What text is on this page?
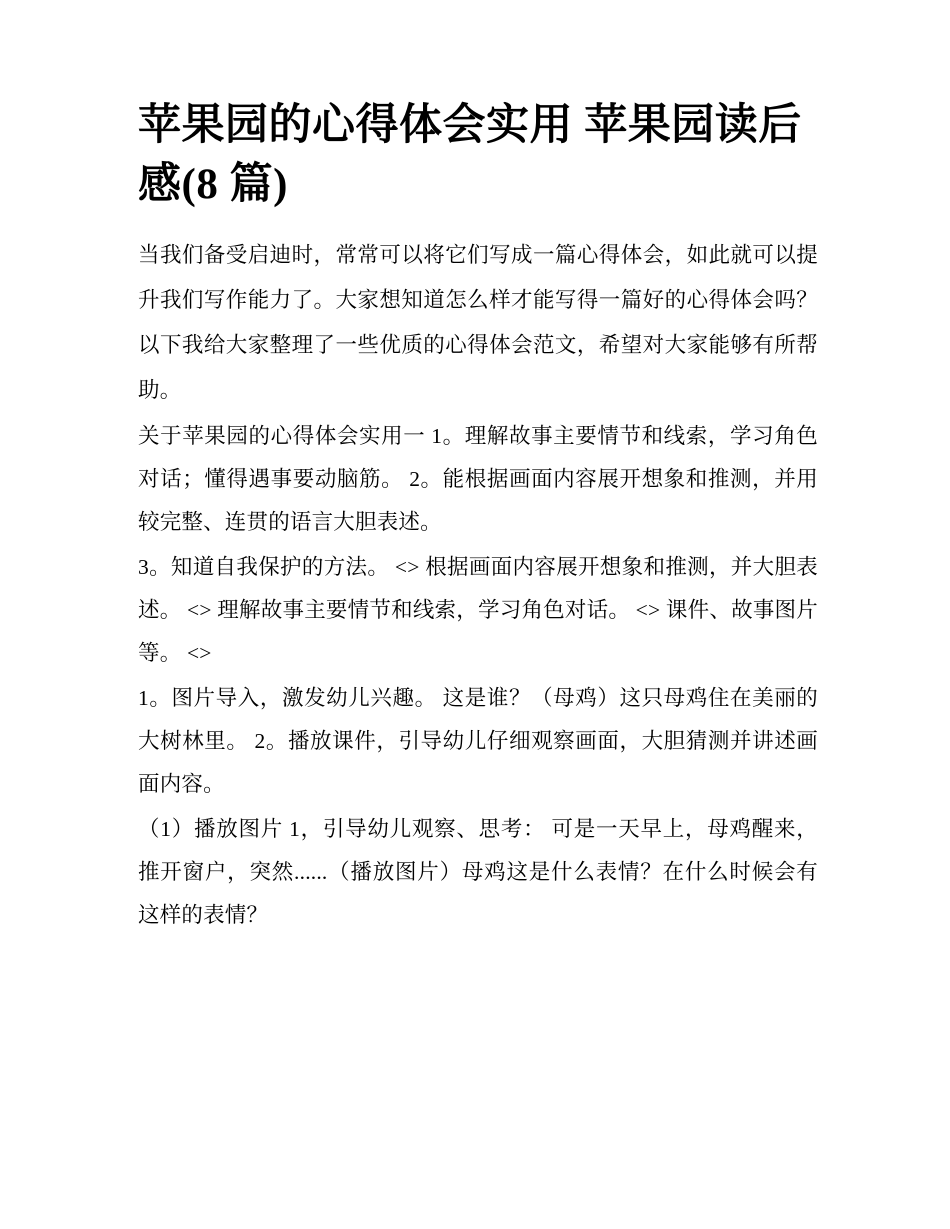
苹果园的心得体会实用 苹果园读后感(8 篇)

当我们备受启迪时，常常可以将它们写成一篇心得体会，如此就可以提升我们写作能力了。大家想知道怎么样才能写得一篇好的心得体会吗？以下我给大家整理了一些优质的心得体会范文，希望对大家能够有所帮助。

关于苹果园的心得体会实用一 1。理解故事主要情节和线索，学习角色对话；懂得遇事要动脑筋。 2。能根据画面内容展开想象和推测，并用较完整、连贯的语言大胆表述。

3。知道自我保护的方法。 <> 根据画面内容展开想象和推测，并大胆表述。 <> 理解故事主要情节和线索，学习角色对话。 <> 课件、故事图片等。 <>

1。图片导入，激发幼儿兴趣。 这是谁？（母鸡）这只母鸡住在美丽的大树林里。 2。播放课件，引导幼儿仔细观察画面，大胆猜测并讲述画面内容。

（1）播放图片 1，引导幼儿观察、思考： 可是一天早上，母鸡醒来，推开窗户，突然......（播放图片）母鸡这是什么表情？在什么时候会有这样的表情？
